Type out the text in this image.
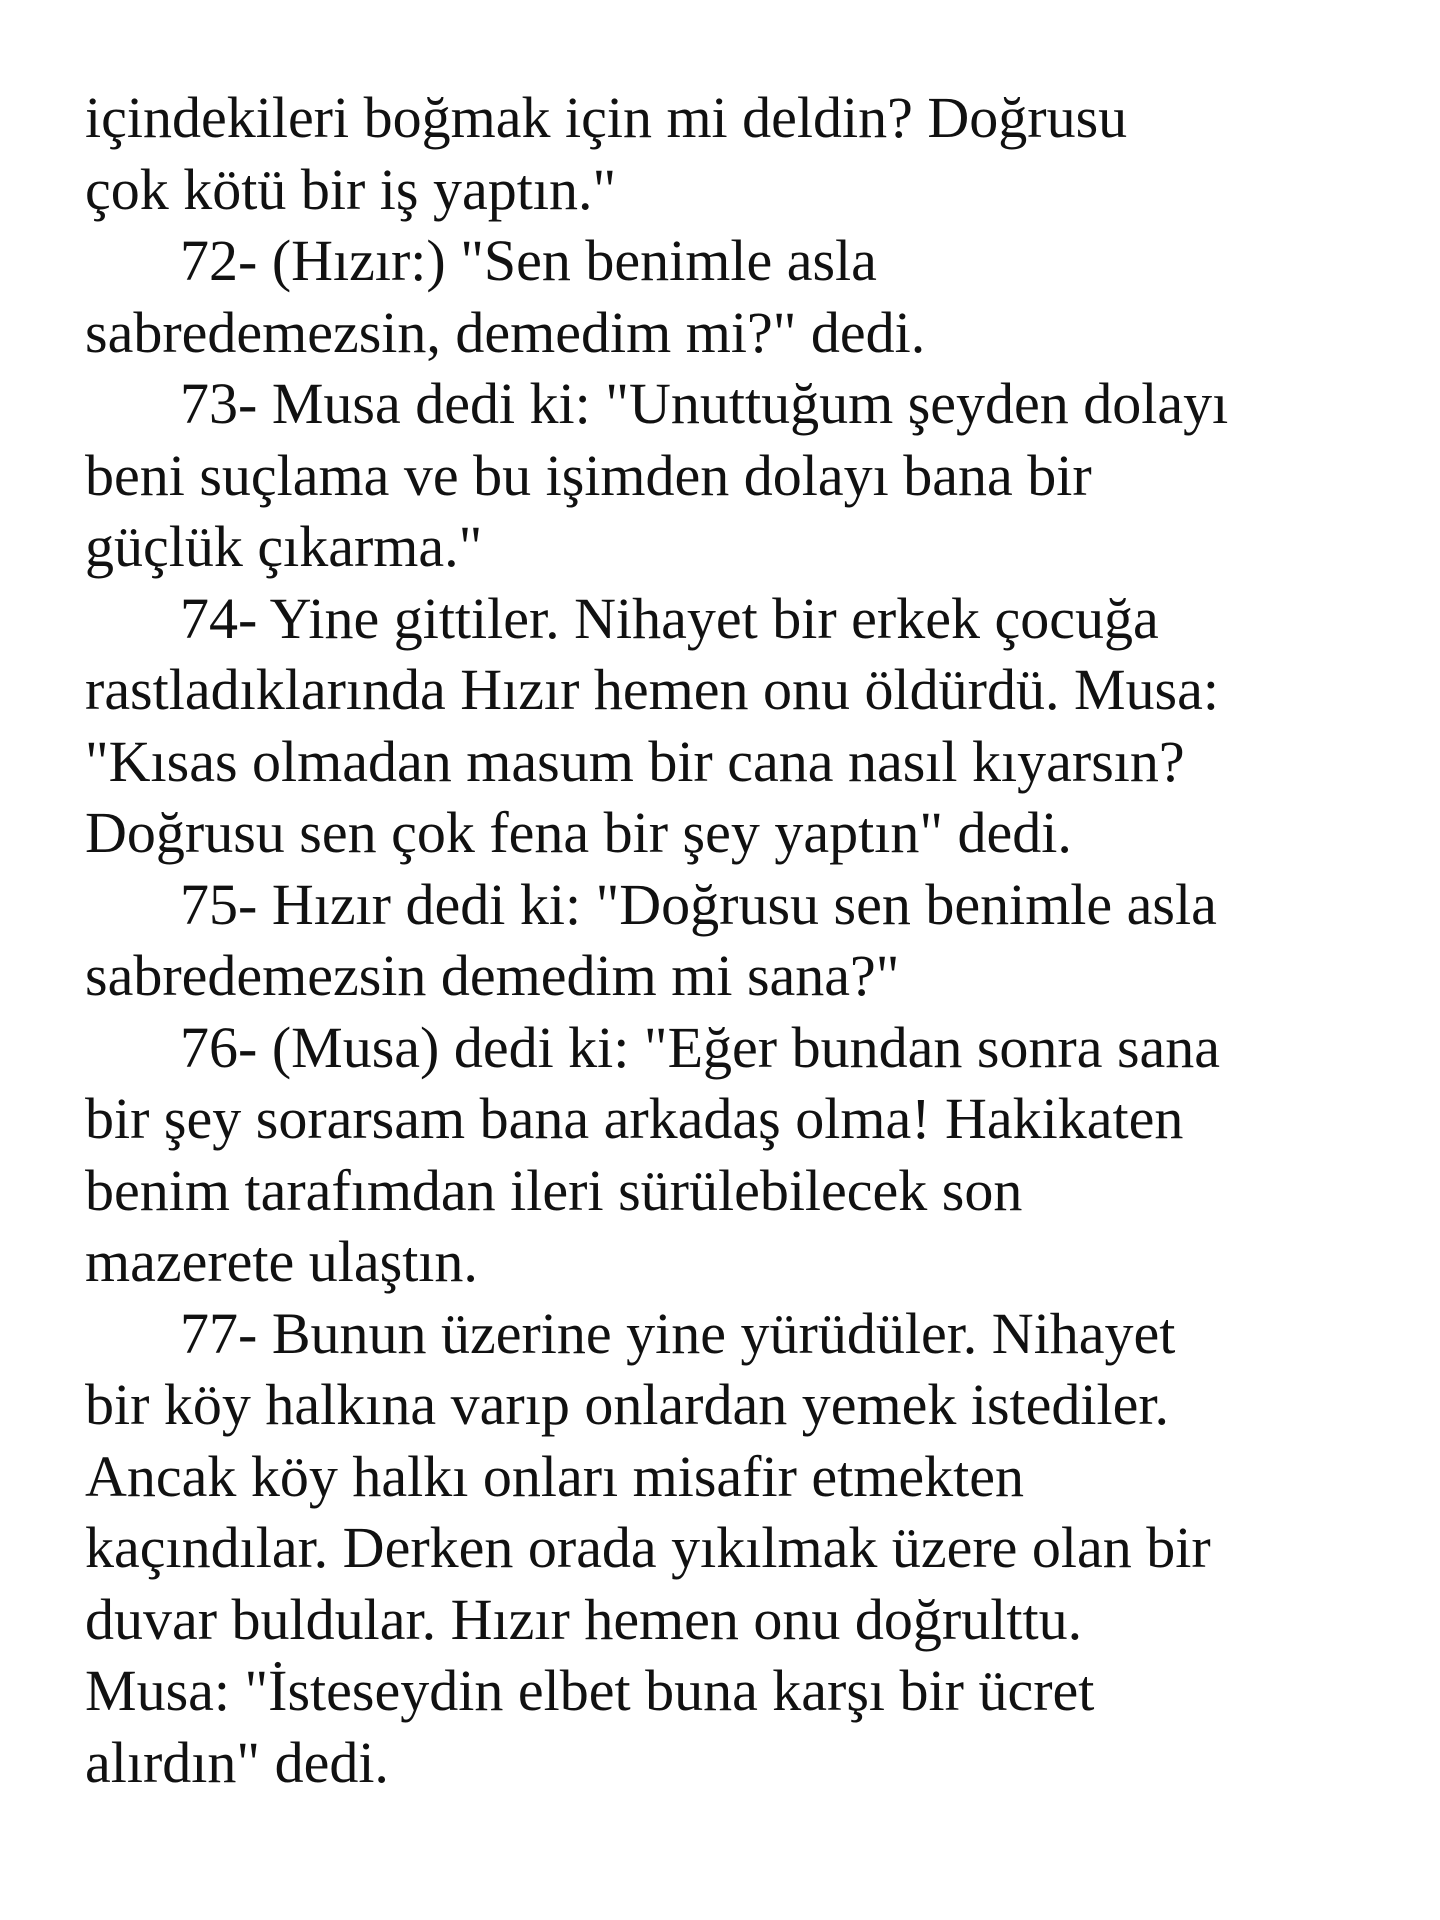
içindekileri boğmak için mi deldin? Doğrusu
çok kötü bir iş yaptın."
72- (Hızır:) "Sen benimle asla
sabredemezsin, demedim mi?" dedi.
73- Musa dedi ki: "Unuttuğum şeyden dolayı
beni suçlama ve bu işimden dolayı bana bir
güçlük çıkarma."
74- Yine gittiler. Nihayet bir erkek çocuğa
rastladıklarında Hızır hemen onu öldürdü. Musa:
"Kısas olmadan masum bir cana nasıl kıyarsın?
Doğrusu sen çok fena bir şey yaptın" dedi.
75- Hızır dedi ki: "Doğrusu sen benimle asla
sabredemezsin demedim mi sana?"
76- (Musa) dedi ki: "Eğer bundan sonra sana
bir şey sorarsam bana arkadaş olma! Hakikaten
benim tarafımdan ileri sürülebilecek son
mazerete ulaştın.
77- Bunun üzerine yine yürüdüler. Nihayet
bir köy halkına varıp onlardan yemek istediler.
Ancak köy halkı onları misafir etmekten
kaçındılar. Derken orada yıkılmak üzere olan bir
duvar buldular. Hızır hemen onu doğrulttu.
Musa: "İsteseydin elbet buna karşı bir ücret
alırdın" dedi.
